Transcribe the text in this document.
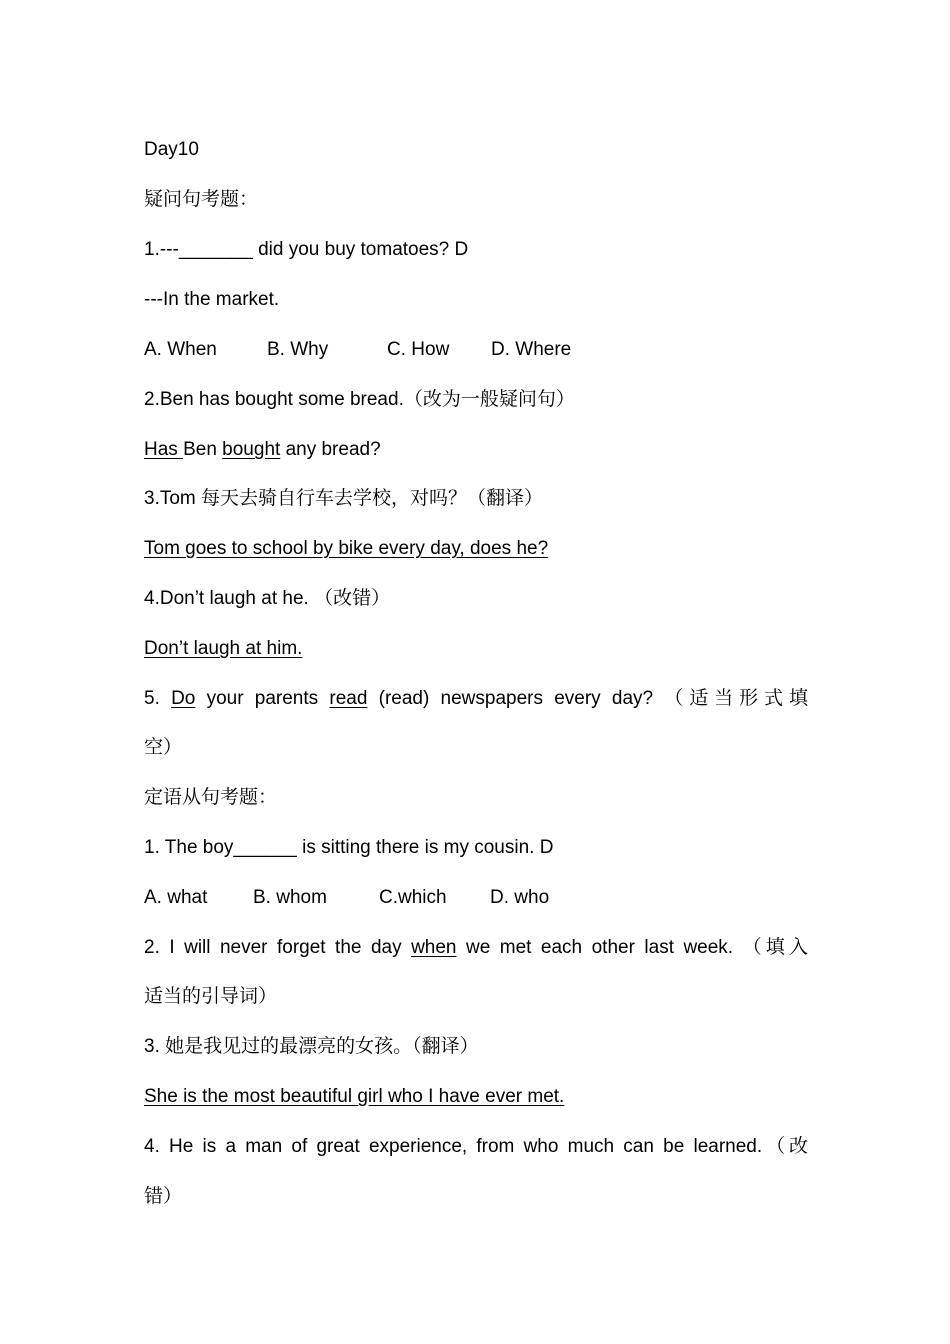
Day10
疑问句考题：
1.---_______ did you buy tomatoes? D
---In the market.
A. When	B. Why	C. How D. Where
2.Ben has bought some bread.（改为一般疑问句）
Has Ben bought any bread?
3.Tom 每天去骑自行车去学校，对吗？（翻译）
Tom goes to school by bike every day, does he?
4.Don’t laugh at he. （改错）
Don’t laugh at him.
5. Do your parents read (read) newspapers every day? （适当形式填
空）
定语从句考题：
1. The boy______ is sitting there is my cousin. D
A. what B. whom	C.which D. who
2. I will never forget the day when we met each other last week. （填入
适当的引导词）
3. 她是我见过的最漂亮的女孩。（翻译）
She is the most beautiful girl who I have ever met.
4. He is a man of great experience, from who much can be learned.（改
错）
